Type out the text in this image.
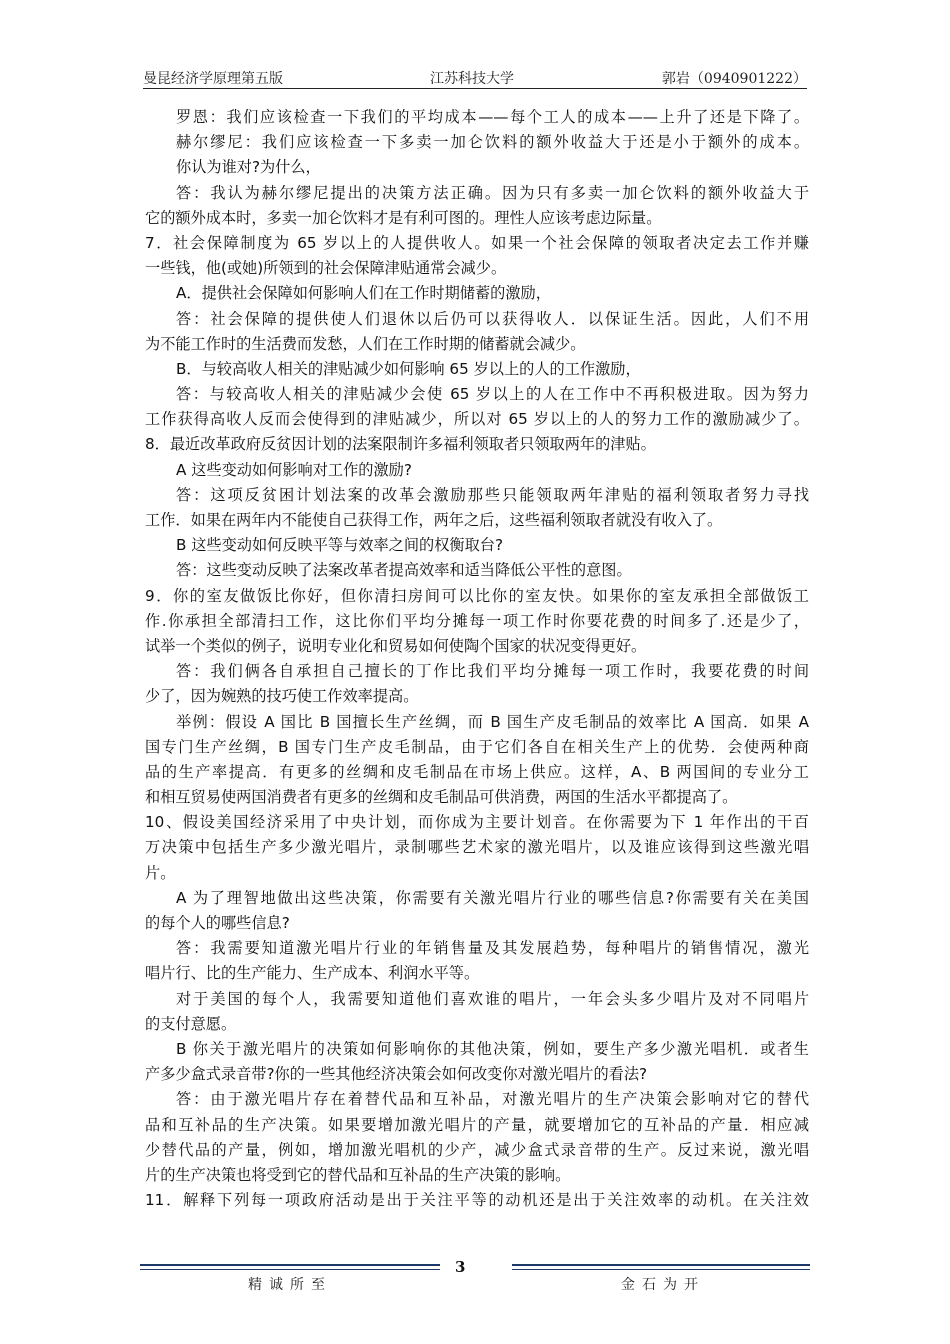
曼昆经济学原理第五版	江苏科技大学	郭岩（0940901222）
罗恩：我们应该检查一下我们的平均成本——每个工人的成本——上升了还是下降了。
赫尔缪尼：我们应该检查一下多卖一加仑饮料的额外收益大于还是小于额外的成本。
你认为谁对?为什么，
答：我认为赫尔缪尼提出的决策方法正确。因为只有多卖一加仑饮料的额外收益大于
它的额外成本时，多卖一加仑饮料才是有利可图的。理性人应该考虑边际量。
7．社会保障制度为 65 岁以上的人提供收人。如果一个社会保障的领取者决定去工作并赚
一些钱，他(或她)所领到的社会保障津贴通常会减少。
A．提供社会保障如何影响人们在工作时期储蓄的激励，
答：社会保障的提供使人们退休以后仍可以获得收人．以保证生活。因此，人们不用
为不能工作时的生活费而发愁，人们在工作时期的储蓄就会减少。
B．与较高收人相关的津贴减少如何影响 65 岁以上的人的工作激励，
答：与较高收人相关的津贴减少会使 65 岁以上的人在工作中不再积极进取。因为努力
工作获得高收人反而会使得到的津贴减少，所以对 65 岁以上的人的努力工作的激励减少了。
8．最近改革政府反贫因计划的法案限制许多福利领取者只领取两年的津贴。
A 这些变动如何影响对工作的激励?
答：这项反贫困计划法案的改革会激励那些只能领取两年津贴的福利领取者努力寻找
工作．如果在两年内不能使自己获得工作，两年之后，这些福利领取者就没有收入了。
B 这些变动如何反映平等与效率之间的权衡取台?
答：这些变动反映了法案改革者提高效率和适当降低公平性的意图。
9．你的室友做饭比你好，但你清扫房间可以比你的室友快。如果你的室友承担全部做饭工
作.你承担全部清扫工作，这比你们平均分摊每一项工作时你要花费的时间多了.还是少了，
试举一个类似的例子，说明专业化和贸易如何使陶个国家的状况变得更好。
答：我们俩各自承担自己擅长的丁作比我们平均分摊每一项工作时，我要花费的时间
少了，因为婉熟的技巧使工作效率提高。
举例：假设 A 国比 B 国擅长生产丝绸，而 B 国生产皮毛制品的效率比 A 国高．如果 A
国专门生产丝绸，B 国专门生产皮毛制品，由于它们各自在相关生产上的优势．会使两种商
品的生产率提高．有更多的丝绸和皮毛制品在市场上供应。这样，A、B 两国间的专业分工
和相互贸易使两国消费者有更多的丝绸和皮毛制品可供消费，两国的生活水平都提高了。
10、假设美国经济采用了中央计划，而你成为主要计划音。在你需要为下 1 年作出的干百
万决策中包括生产多少激光唱片，录制哪些艺术家的激光唱片，以及谁应该得到这些激光唱
片。
A 为了理智地做出这些决策，你需要有关激光唱片行业的哪些信息?你需要有关在美国
的每个人的哪些信息?
答：我需要知道激光唱片行业的年销售量及其发展趋势，每种唱片的销售情况，激光
唱片行、比的生产能力、生产成本、利润水平等。
对于美国的每个人，我需要知道他们喜欢谁的唱片，一年会头多少唱片及对不同唱片
的支付意愿。
B 你关于激光唱片的决策如何影响你的其他决策，例如，要生产多少激光唱机．或者生
产多少盒式录音带?你的一些其他经济决策会如何改变你对激光唱片的看法?
答：由于激光唱片存在着替代品和互补品，对激光唱片的生产决策会影响对它的替代
品和互补品的生产决策。如果要增加激光唱片的产量，就要增加它的互补品的产量．相应减
少替代品的产量，例如，增加激光唱机的少产，减少盒式录音带的生产。反过来说，激光唱
片的生产决策也将受到它的替代品和互补品的生产决策的影响。
11．解释下列每一项政府活动是出于关注平等的动机还是出于关注效率的动机。在关注效
3
精诚所至	金石为开
